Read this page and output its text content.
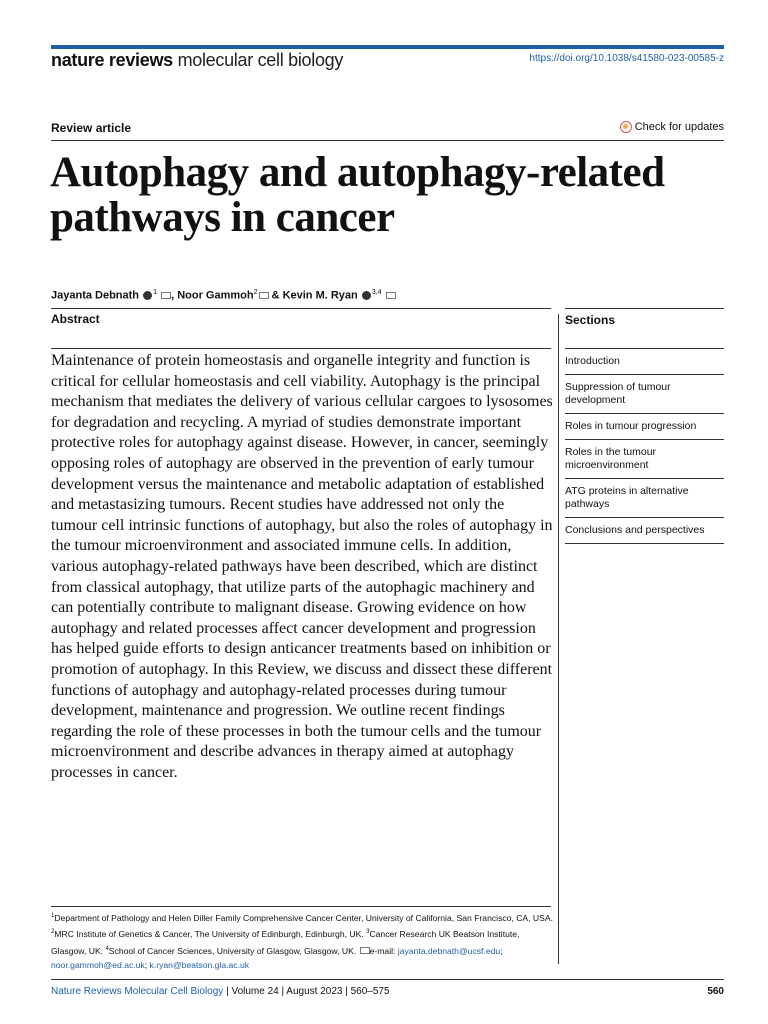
nature reviews molecular cell biology	https://doi.org/10.1038/s41580-023-00585-z
Review article	Check for updates
Autophagy and autophagy-related pathways in cancer
Jayanta Debnath $^1$ , Noor Gammoh$^2$ & Kevin M. Ryan $^{3,4}$
Abstract

Maintenance of protein homeostasis and organelle integrity and function is critical for cellular homeostasis and cell viability. Autophagy is the principal mechanism that mediates the delivery of various cellular cargoes to lysosomes for degradation and recycling. A myriad of studies demonstrate important protective roles for autophagy against disease. However, in cancer, seemingly opposing roles of autophagy are observed in the prevention of early tumour development versus the maintenance and metabolic adaptation of established and metastasizing tumours. Recent studies have addressed not only the tumour cell intrinsic functions of autophagy, but also the roles of autophagy in the tumour microenvironment and associated immune cells. In addition, various autophagy-related pathways have been described, which are distinct from classical autophagy, that utilize parts of the autophagic machinery and can potentially contribute to malignant disease. Growing evidence on how autophagy and related processes affect cancer development and progression has helped guide efforts to design anticancer treatments based on inhibition or promotion of autophagy. In this Review, we discuss and dissect these different functions of autophagy and autophagy-related processes during tumour development, maintenance and progression. We outline recent findings regarding the role of these processes in both the tumour cells and the tumour microenvironment and describe advances in therapy aimed at autophagy processes in cancer.

Sections
Introduction
Suppression of tumour development
Roles in tumour progression
Roles in the tumour microenvironment
ATG proteins in alternative pathways
Conclusions and perspectives
$^1$Department of Pathology and Helen Diller Family Comprehensive Cancer Center, University of California, San Francisco, CA, USA. $^2$MRC Institute of Genetics & Cancer, The University of Edinburgh, Edinburgh, UK. $^3$Cancer Research UK Beatson Institute, Glasgow, UK. $^4$School of Cancer Sciences, University of Glasgow, Glasgow, UK. e-mail: jayanta.debnath@ucsf.edu; noor.gammoh@ed.ac.uk; k.ryan@beatson.gla.ac.uk
Nature Reviews Molecular Cell Biology | Volume 24 | August 2023 | 560–575	560
